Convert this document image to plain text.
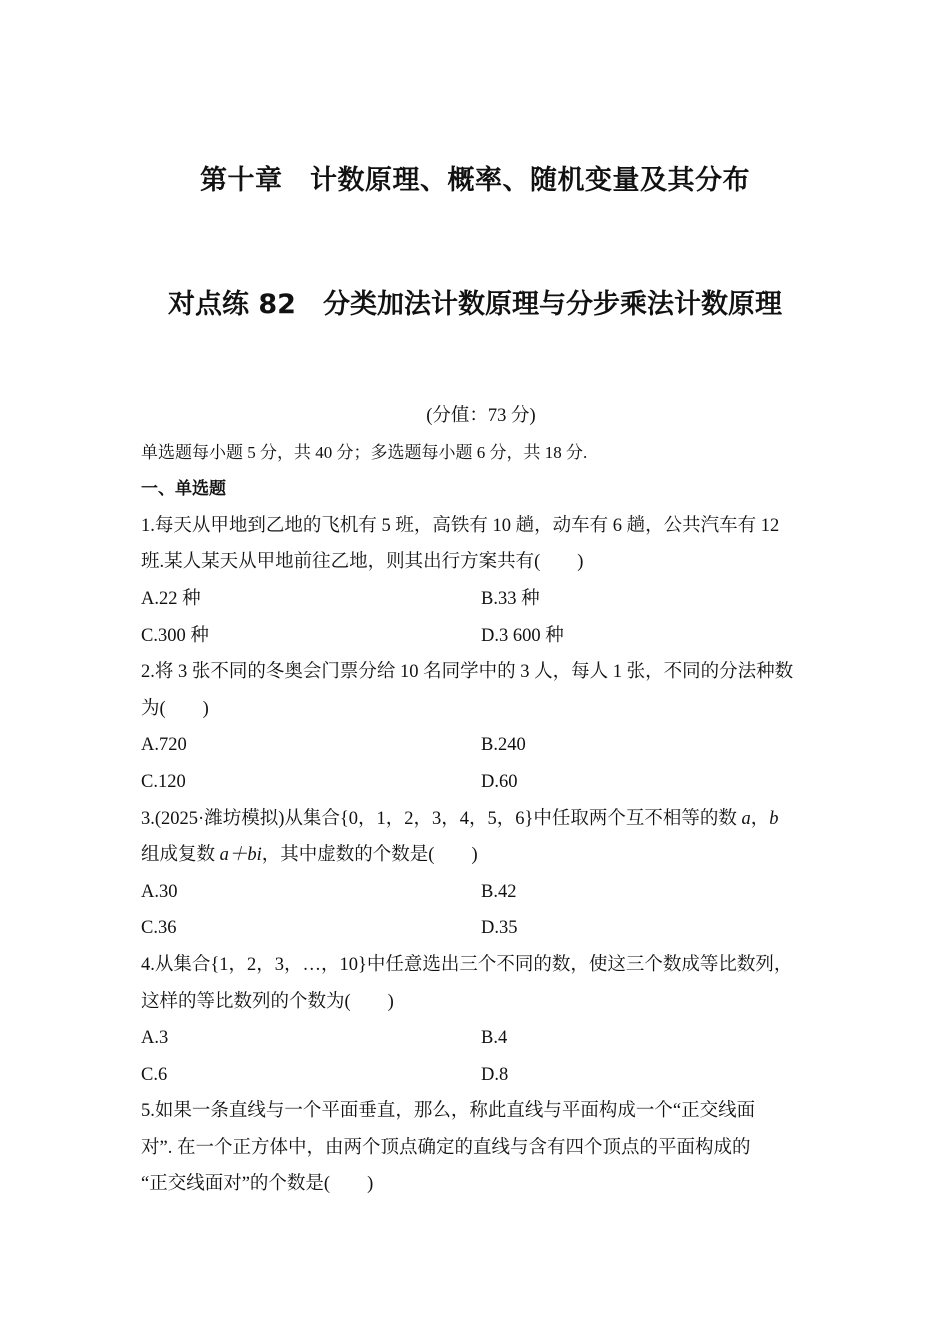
第十章　计数原理、概率、随机变量及其分布
对点练 82　分类加法计数原理与分步乘法计数原理
(分值：73 分)
单选题每小题 5 分，共 40 分；多选题每小题 6 分，共 18 分.
一、单选题
1.每天从甲地到乙地的飞机有 5 班，高铁有 10 趟，动车有 6 趟，公共汽车有 12
班.某人某天从甲地前往乙地，则其出行方案共有(　　)
A.22 种	B.33 种
C.300 种	D.3 600 种
2.将 3 张不同的冬奥会门票分给 10 名同学中的 3 人，每人 1 张，不同的分法种数
为(　　)
A.720	B.240
C.120	D.60
3.(2025·潍坊模拟)从集合{0，1，2，3，4，5，6}中任取两个互不相等的数 a，b
组成复数 a＋bi，其中虚数的个数是(　　)
A.30	B.42
C.36	D.35
4.从集合{1，2，3，…，10}中任意选出三个不同的数，使这三个数成等比数列，
这样的等比数列的个数为(　　)
A.3	B.4
C.6	D.8
5.如果一条直线与一个平面垂直，那么，称此直线与平面构成一个“正交线面
对”. 在一个正方体中，由两个顶点确定的直线与含有四个顶点的平面构成的
“正交线面对”的个数是(　　)
